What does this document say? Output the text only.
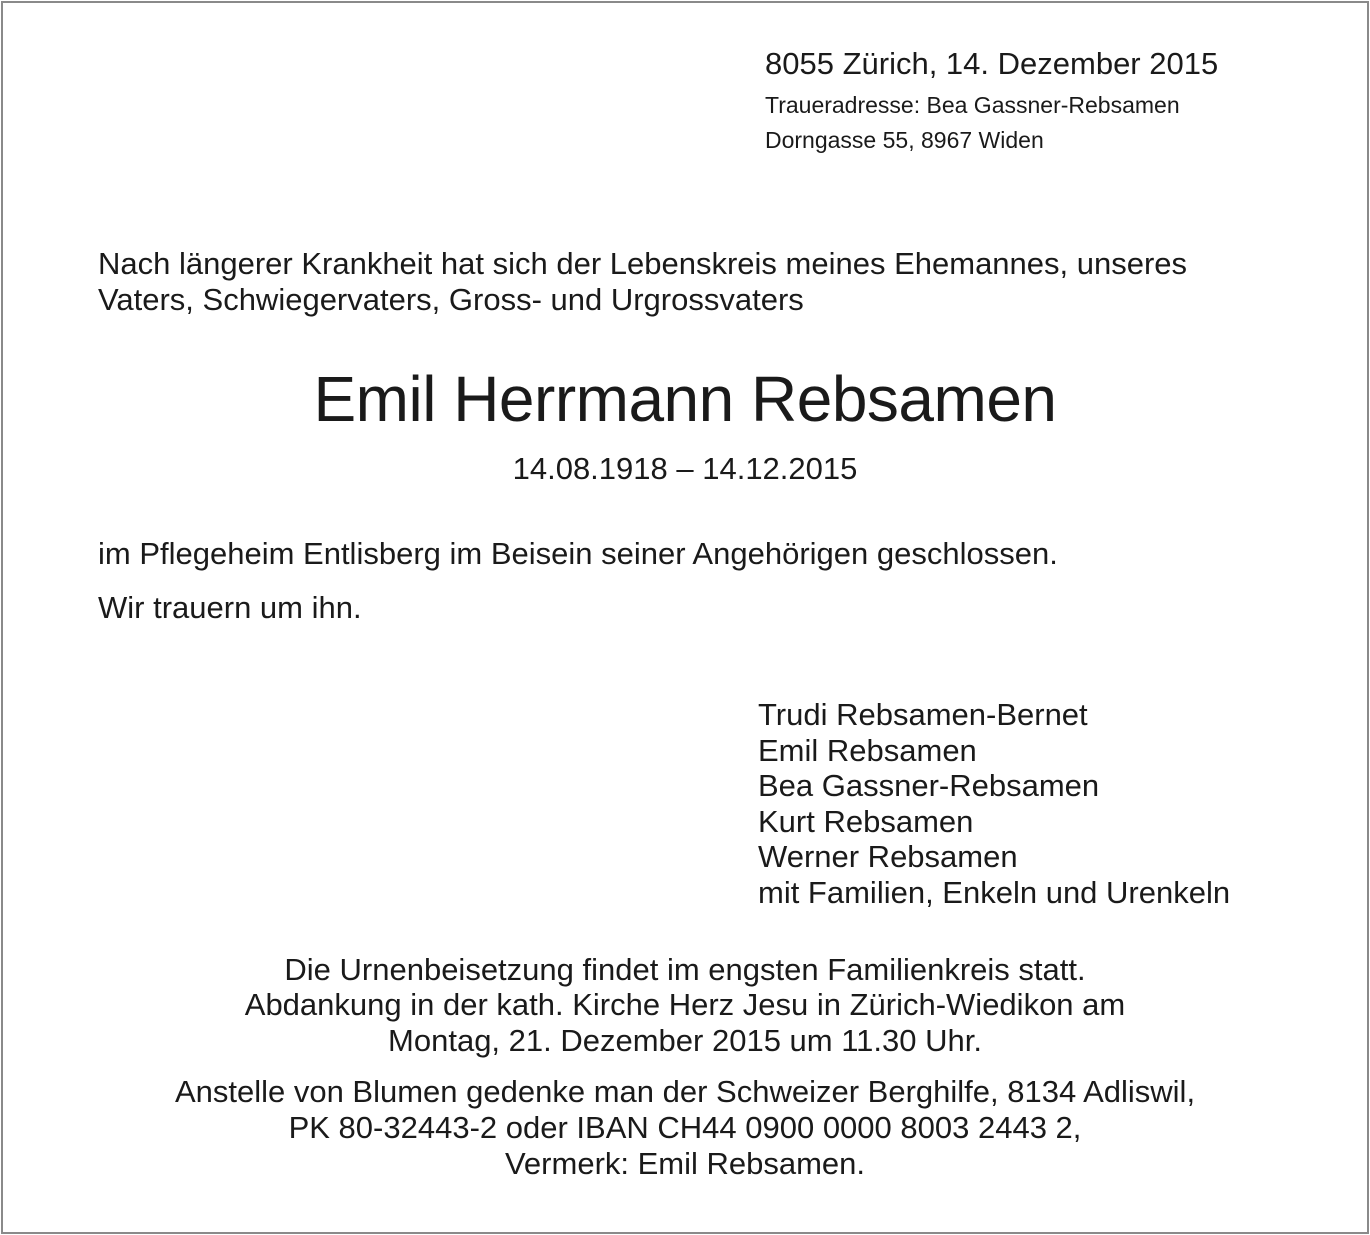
8055 Zürich, 14. Dezember 2015

Traueradresse: Bea Gassner-Rebsamen

Dorngasse 55, 8967 Widen

Nach längerer Krankheit hat sich der Lebenskreis meines Ehemannes, unseres

Vaters, Schwiegervaters, Gross- und Urgrossvaters

Emil Herrmann Rebsamen

14.08.1918 – 14.12.2015

im Pflegeheim Entlisberg im Beisein seiner Angehörigen geschlossen.

Wir trauern um ihn.

Trudi Rebsamen-Bernet

Emil Rebsamen

Bea Gassner-Rebsamen

Kurt Rebsamen

Werner Rebsamen

mit Familien, Enkeln und Urenkeln

Die Urnenbeisetzung findet im engsten Familienkreis statt.

Abdankung in der kath. Kirche Herz Jesu in Zürich-Wiedikon am

Montag, 21. Dezember 2015 um 11.30 Uhr.

Anstelle von Blumen gedenke man der Schweizer Berghilfe, 8134 Adliswil,

PK 80-32443-2 oder IBAN CH44 0900 0000 8003 2443 2,

Vermerk: Emil Rebsamen.
